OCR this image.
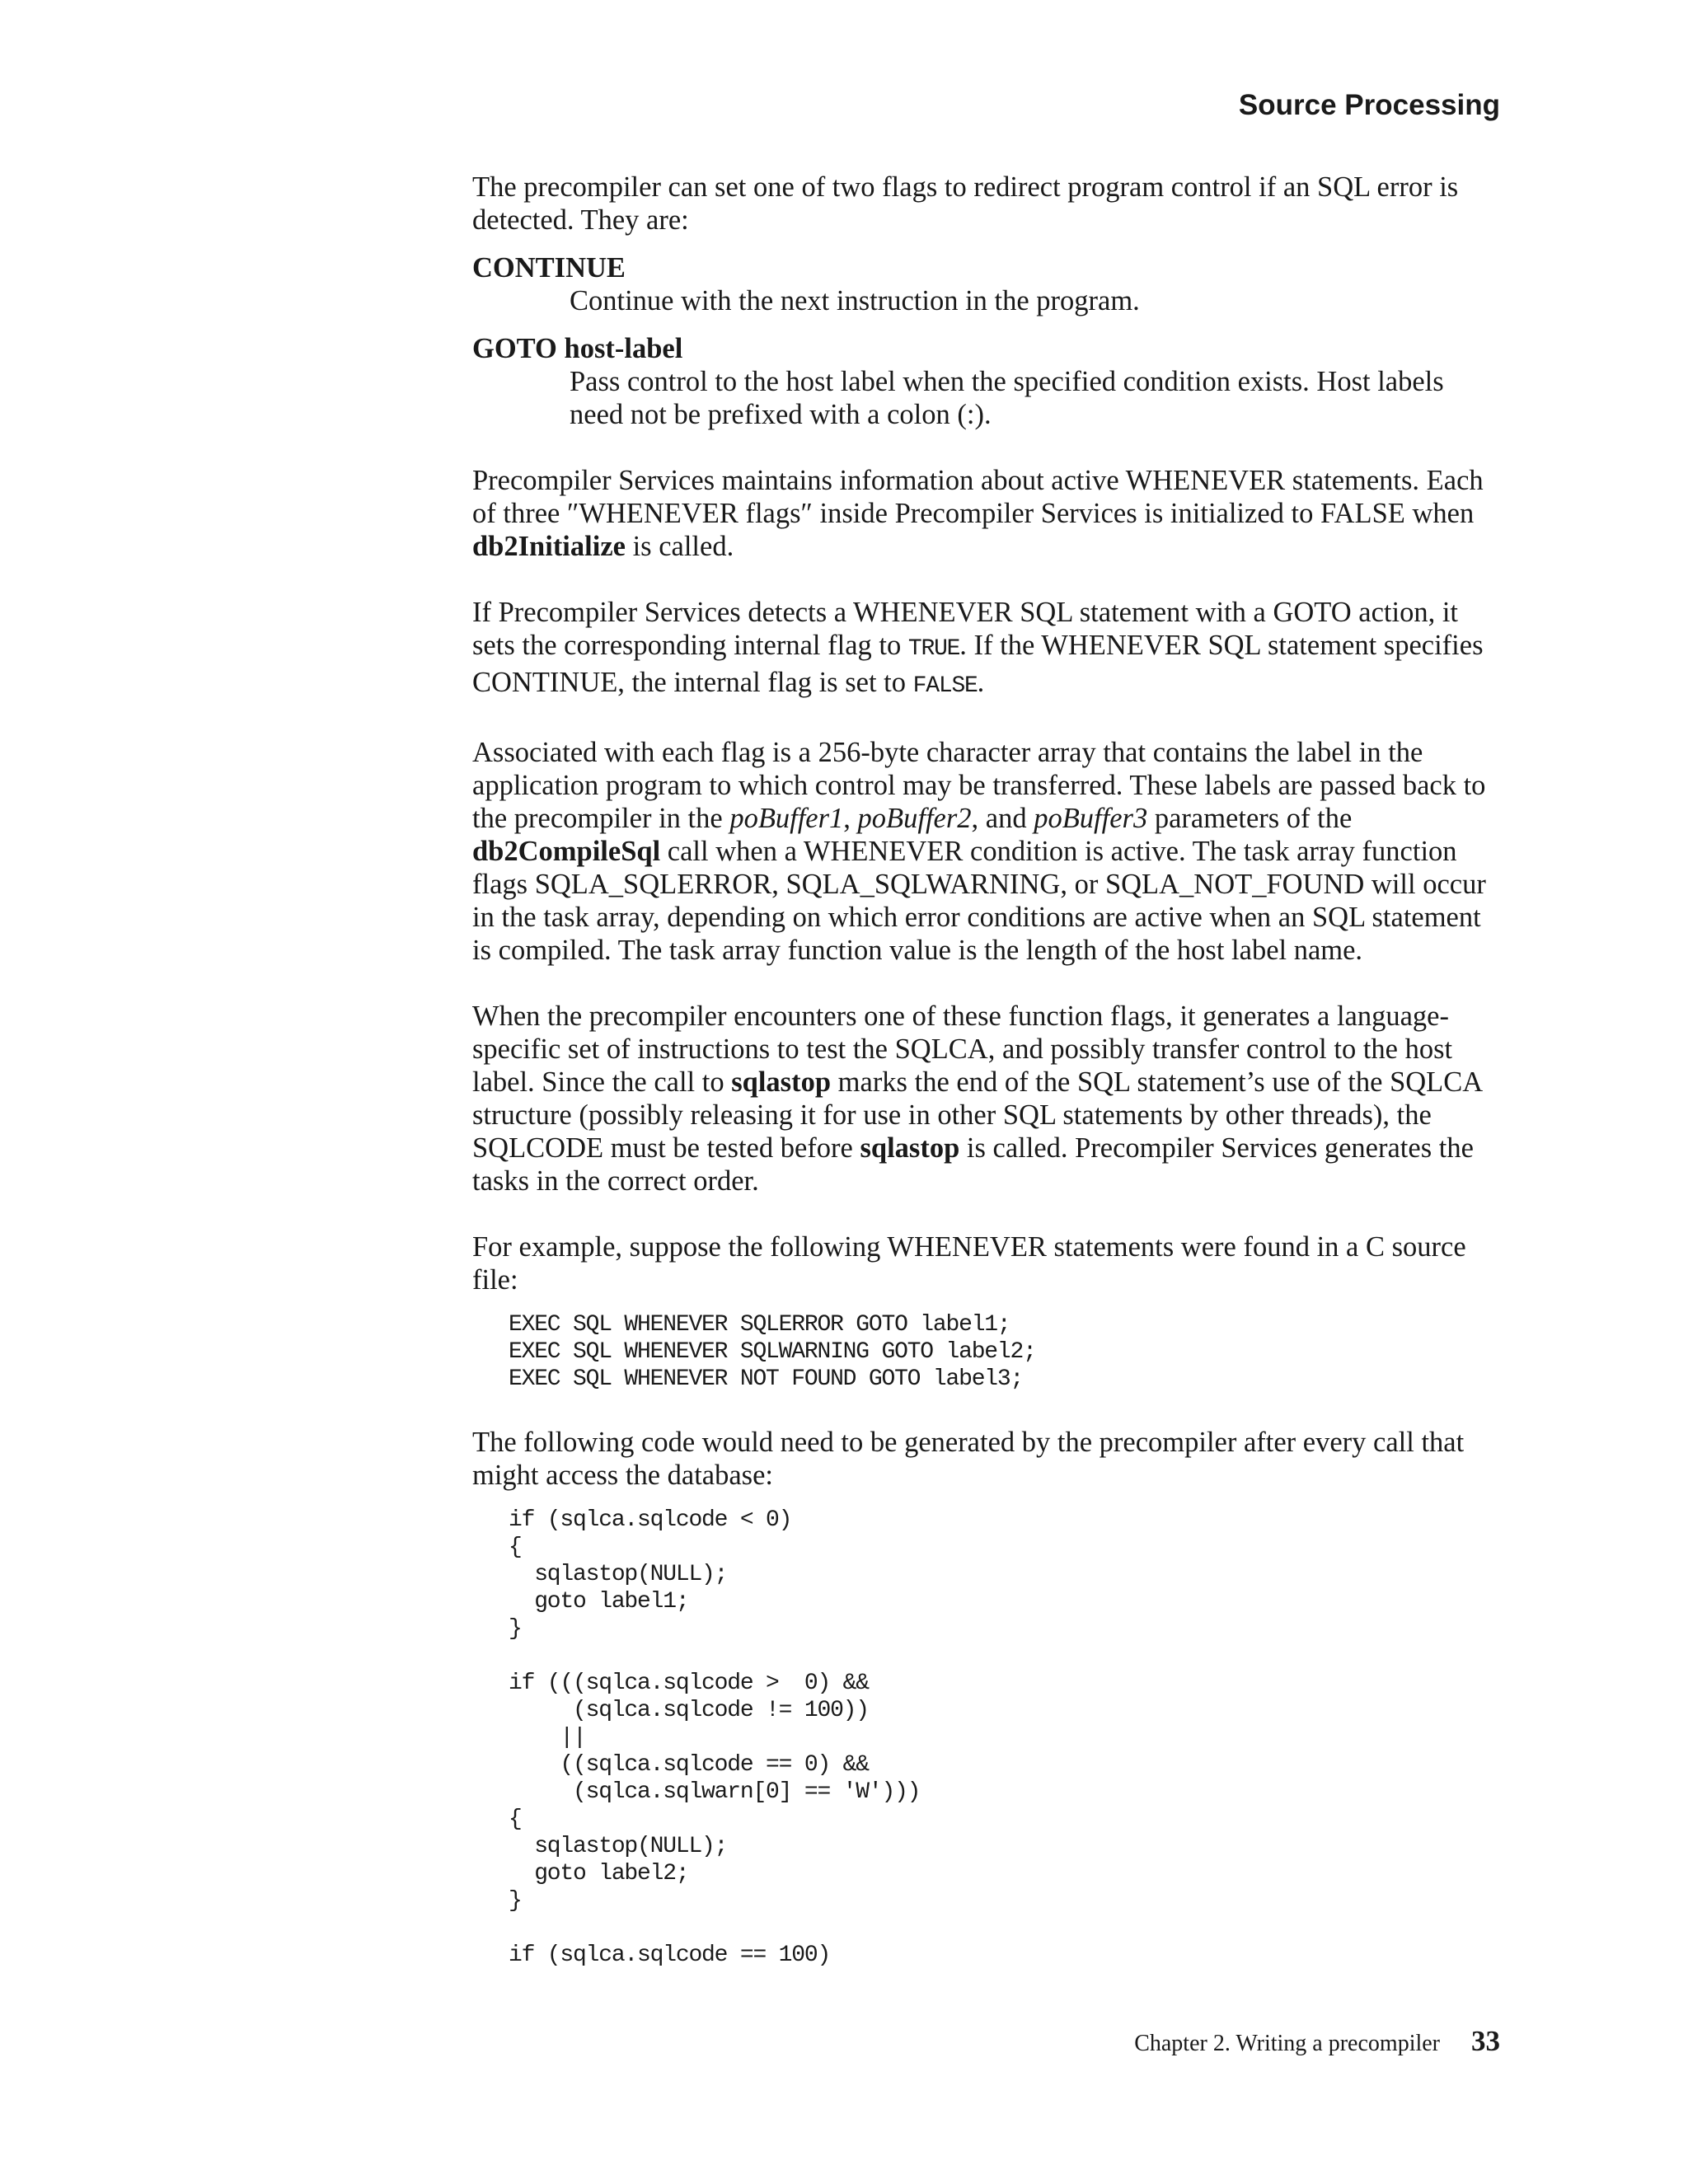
Source Processing

The precompiler can set one of two flags to redirect program control if an SQL error is detected. They are:

CONTINUE
Continue with the next instruction in the program.
GOTO host-label
Pass control to the host label when the specified condition exists. Host labels need not be prefixed with a colon (:).

Precompiler Services maintains information about active WHENEVER statements. Each of three ″WHENEVER flags″ inside Precompiler Services is initialized to FALSE when db2Initialize is called.

If Precompiler Services detects a WHENEVER SQL statement with a GOTO action, it sets the corresponding internal flag to TRUE. If the WHENEVER SQL statement specifies CONTINUE, the internal flag is set to FALSE.

Associated with each flag is a 256-byte character array that contains the label in the application program to which control may be transferred. These labels are passed back to the precompiler in the poBuffer1, poBuffer2, and poBuffer3 parameters of the db2CompileSql call when a WHENEVER condition is active. The task array function flags SQLA_SQLERROR, SQLA_SQLWARNING, or SQLA_NOT_FOUND will occur in the task array, depending on which error conditions are active when an SQL statement is compiled. The task array function value is the length of the host label name.

When the precompiler encounters one of these function flags, it generates a language-specific set of instructions to test the SQLCA, and possibly transfer control to the host label. Since the call to sqlastop marks the end of the SQL statement’s use of the SQLCA structure (possibly releasing it for use in other SQL statements by other threads), the SQLCODE must be tested before sqlastop is called. Precompiler Services generates the tasks in the correct order.

For example, suppose the following WHENEVER statements were found in a C source file:

EXEC SQL WHENEVER SQLERROR GOTO label1;
EXEC SQL WHENEVER SQLWARNING GOTO label2;
EXEC SQL WHENEVER NOT FOUND GOTO label3;

The following code would need to be generated by the precompiler after every call that might access the database:

if (sqlca.sqlcode < 0)
{
sqlastop(NULL);
goto label1;
}

if (((sqlca.sqlcode >  0) &&
(sqlca.sqlcode != 100))
||
((sqlca.sqlcode == 0) &&
(sqlca.sqlwarn[0] == 'W')))
{
sqlastop(NULL);
goto label2;
}

if (sqlca.sqlcode == 100)
Chapter 2. Writing a precompiler 33
